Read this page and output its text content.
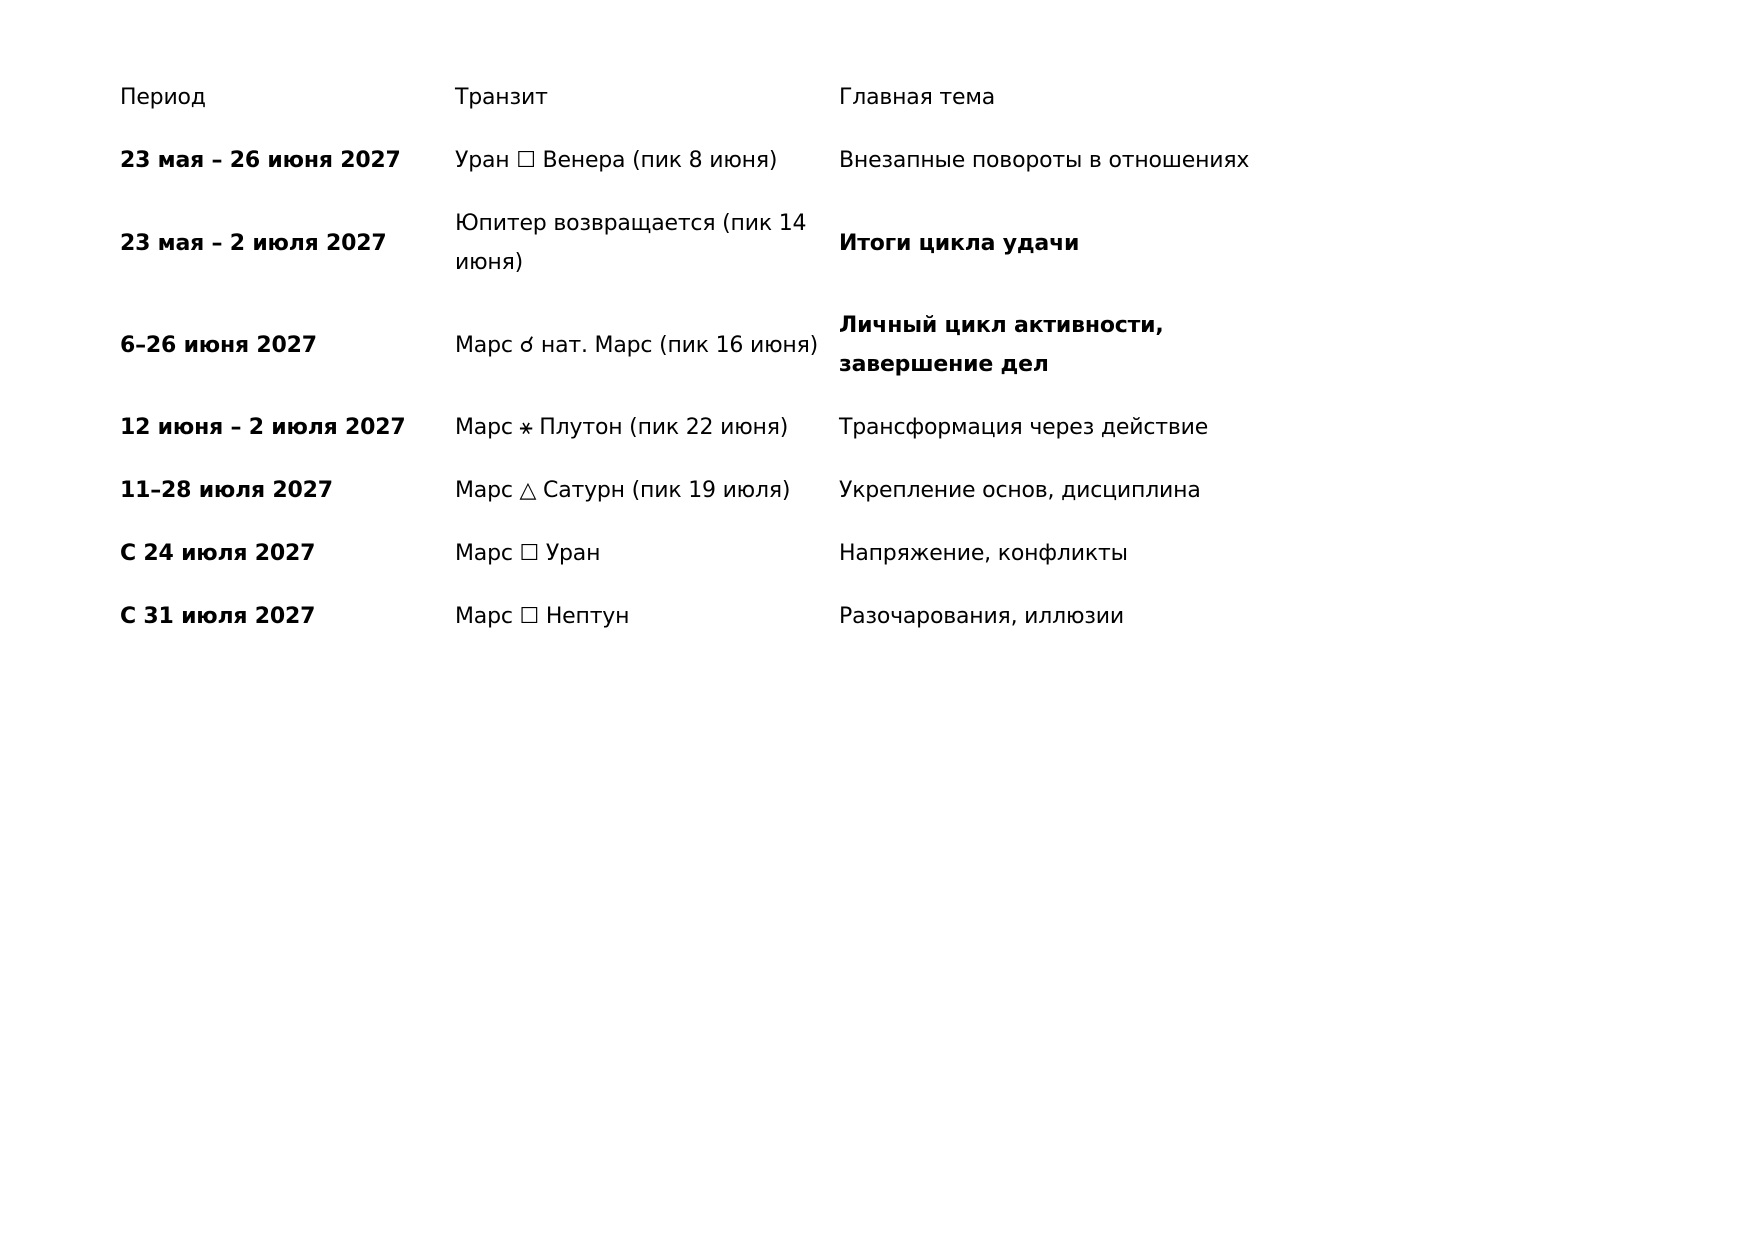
Период	Транзит	Главная тема
23 мая – 26 июня 2027	Уран ☐ Венера (пик 8 июня)	Внезапные повороты в отношениях
23 мая – 2 июля 2027	Юпитер возвращается (пик 14 июня)	Итоги цикла удачи
6–26 июня 2027	Марс ☌ нат. Марс (пик 16 июня)	Личный цикл активности, завершение дел
12 июня – 2 июля 2027	Марс ⚹ Плутон (пик 22 июня)	Трансформация через действие
11–28 июля 2027	Марс △ Сатурн (пик 19 июля)	Укрепление основ, дисциплина
С 24 июля 2027	Марс ☐ Уран	Напряжение, конфликты
С 31 июля 2027	Марс ☐ Нептун	Разочарования, иллюзии
